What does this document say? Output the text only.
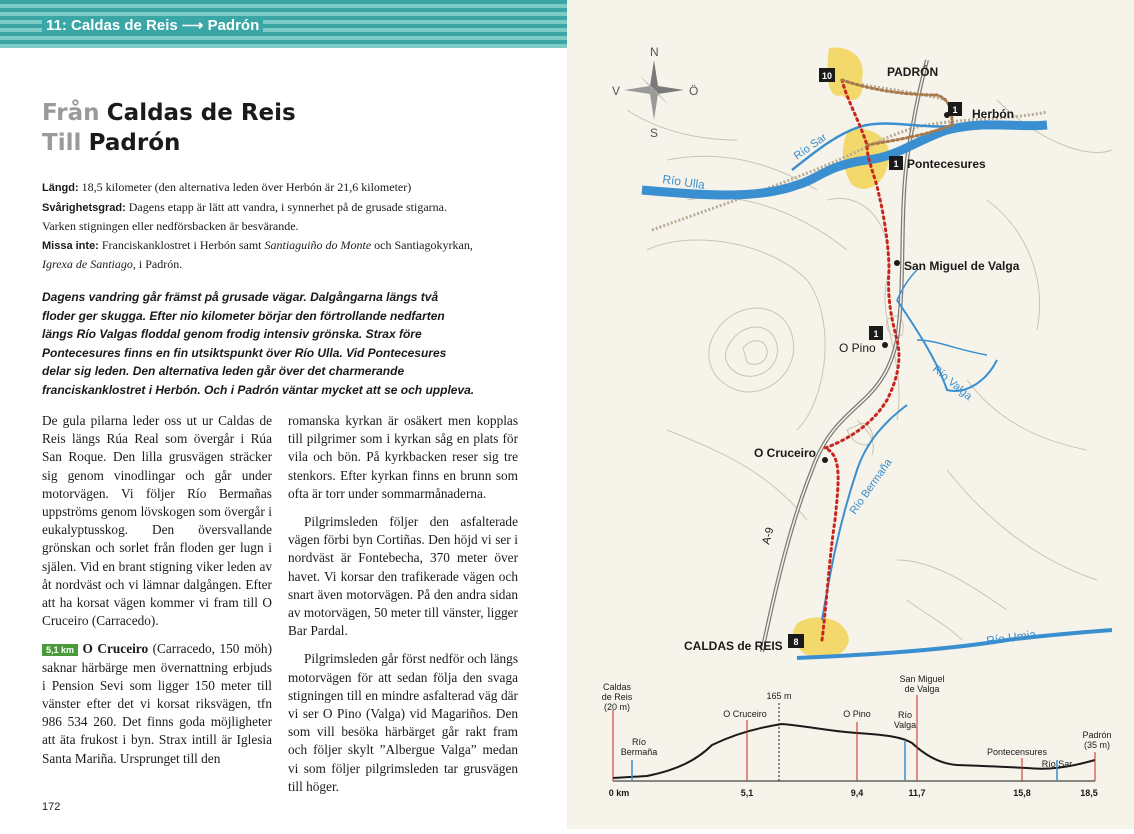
11: Caldas de Reis ⟶ Padrón
Från Caldas de Reis
Till Padrón
Längd: 18,5 kilometer (den alternativa leden över Herbón är 21,6 kilometer)
Svårighetsgrad: Dagens etapp är lätt att vandra, i synnerhet på de grusade stigarna.
Varken stigningen eller nedförsbacken är besvärande.
Missa inte: Franciskanklostret i Herbón samt Santiaguiño do Monte och Santiagokyrkan,
Igrexa de Santiago, i Padrón.
Dagens vandring går främst på grusade vägar. Dalgångarna längs två
floder ger skugga. Efter nio kilometer börjar den förtrollande nedfarten
längs Río Valgas floddal genom frodig intensiv grönska. Strax före
Pontecesures finns en fin utsiktspunkt över Río Ulla. Vid Pontecesures
delar sig leden. Den alternativa leden går över det charmerande
franciskanklostret i Herbón. Och i Padrón väntar mycket att se och uppleva.

De gula pilarna leder oss ut ur Caldas de Reis längs Rúa Real som övergår i Rúa San Roque. Den lilla grusvägen sträcker sig genom vinodlingar och går under motorvägen. Vi följer Río Bermañas uppströms genom lövskogen som övergår i eukalyptusskog. Den översvallande grönskan och sorlet från floden ger lugn i själen. Vid en brant stigning viker leden av åt nordväst och vi lämnar dalgången. Efter att ha korsat vägen kommer vi fram till O Cruceiro (Carracedo).

5,1 km O Cruceiro (Carracedo, 150 möh) saknar härbärge men övernattning erbjuds i Pension Sevi som ligger 150 meter till vänster efter det vi korsat riksvägen, tfn 986 534 260. Det finns goda möjligheter att äta frukost i byn. Strax intill är Iglesia Santa Mariña. Ursprunget till den

romanska kyrkan är osäkert men kopplas till pilgrimer som i kyrkan såg en plats för vila och bön. På kyrkbacken reser sig tre stenkors. Efter kyrkan finns en brunn som ofta är torr under sommarmånaderna.

Pilgrimsleden följer den asfalterade vägen förbi byn Cortiñas. Den höjd vi ser i nordväst är Fontebecha, 370 meter över havet. Vi korsar den trafikerade vägen och snart även motorvägen. På den andra sidan av motorvägen, 50 meter till vänster, ligger Bar Pardal.

Pilgrimsleden går först nedför och längs motorvägen för att sedan följa den svaga stigningen till en mindre asfalterad väg där vi ser O Pino (Valga) vid Magariños. Den som vill besöka härbärget går rakt fram och följer skylt ”Albergue Valga” medan vi som följer pilgrimsleden tar grusvägen till höger.

172
N
S
V	Ö
10
1
1
1
8
PADRÓN
Herbón
Pontecesures
San Miguel de Valga
O Pino
O Cruceiro
CALDAS de REIS
Río Sar
Río Ulla
Río Valga
Río Bermaña
Río Umia
A-9
Caldas
de Reis
(20 m)
Río
Bermaña
165 m
O Cruceiro	O Pino
San Miguel
de Valga
Río
Valga
Pontecensures
Río Sar
Padrón
(35 m)
0 km	5,1	9,4	11,7	15,8	18,5
